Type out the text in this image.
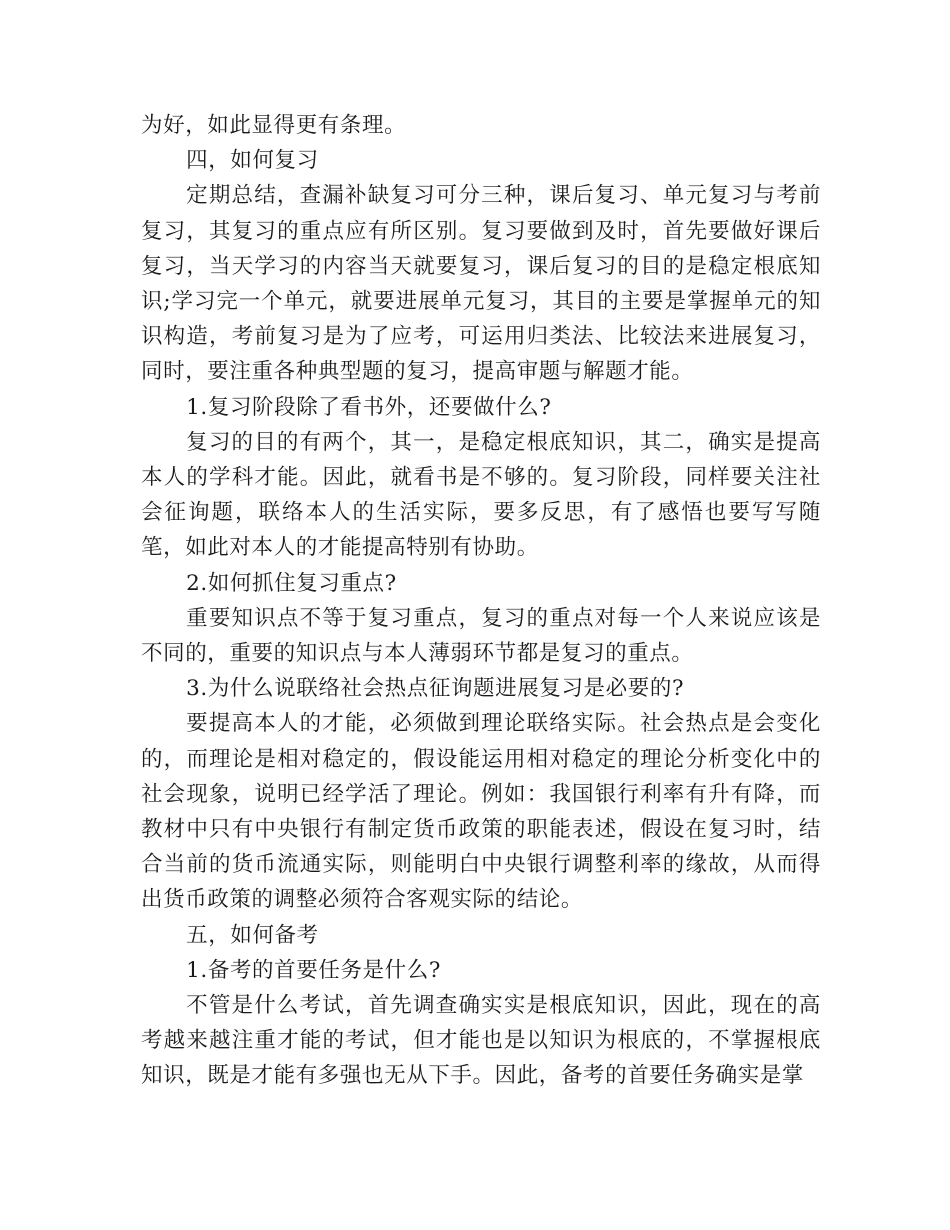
为好，如此显得更有条理。

四，如何复习

定期总结，查漏补缺复习可分三种，课后复习、单元复习与考前复习，其复习的重点应有所区别。复习要做到及时，首先要做好课后复习，当天学习的内容当天就要复习，课后复习的目的是稳定根底知识;学习完一个单元，就要进展单元复习，其目的主要是掌握单元的知识构造，考前复习是为了应考，可运用归类法、比较法来进展复习，同时，要注重各种典型题的复习，提高审题与解题才能。

1.复习阶段除了看书外，还要做什么?

复习的目的有两个，其一，是稳定根底知识，其二，确实是提高本人的学科才能。因此，就看书是不够的。复习阶段，同样要关注社会征询题，联络本人的生活实际，要多反思，有了感悟也要写写随笔，如此对本人的才能提高特别有协助。

2.如何抓住复习重点?

重要知识点不等于复习重点，复习的重点对每一个人来说应该是不同的，重要的知识点与本人薄弱环节都是复习的重点。

3.为什么说联络社会热点征询题进展复习是必要的?

要提高本人的才能，必须做到理论联络实际。社会热点是会变化的，而理论是相对稳定的，假设能运用相对稳定的理论分析变化中的社会现象，说明已经学活了理论。例如：我国银行利率有升有降，而教材中只有中央银行有制定货币政策的职能表述，假设在复习时，结合当前的货币流通实际，则能明白中央银行调整利率的缘故，从而得出货币政策的调整必须符合客观实际的结论。

五，如何备考

1.备考的首要任务是什么?

不管是什么考试，首先调查确实实是根底知识，因此，现在的高考越来越注重才能的考试，但才能也是以知识为根底的，不掌握根底知识，既是才能有多强也无从下手。因此，备考的首要任务确实是掌
